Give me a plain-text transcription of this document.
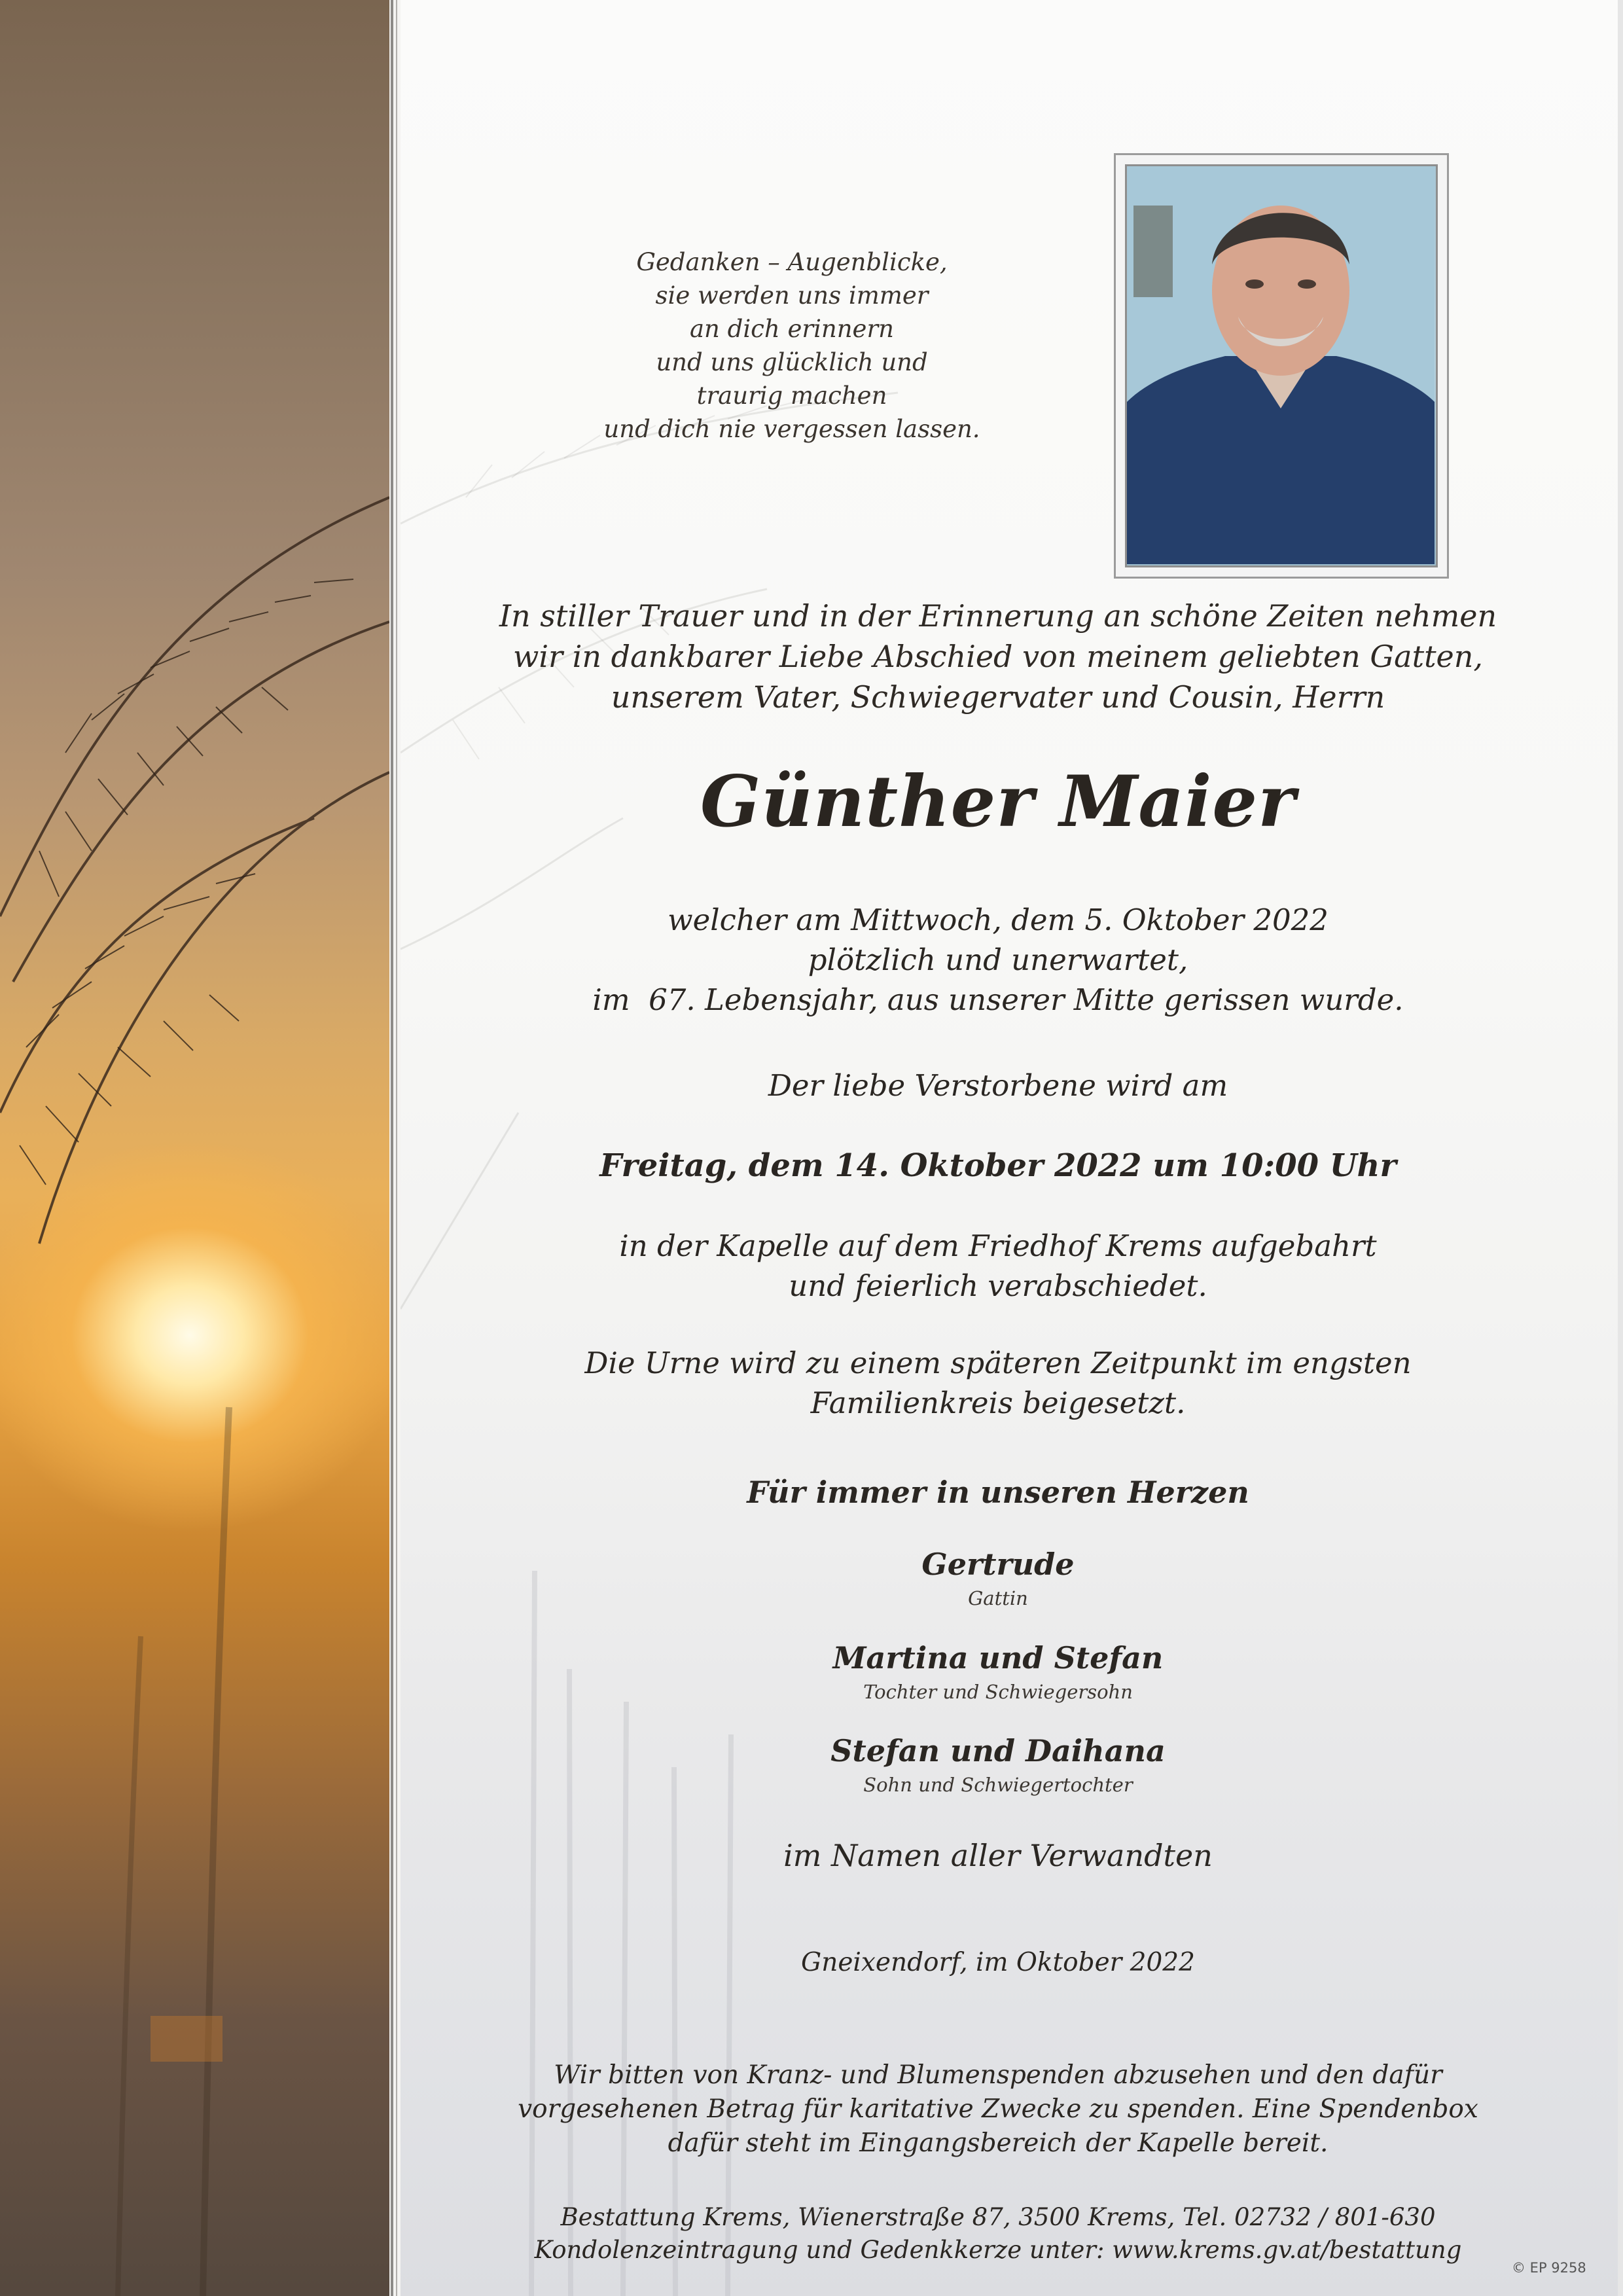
Gedanken – Augenblicke,
sie werden uns immer
an dich erinnern
und uns glücklich und
traurig machen
und dich nie vergessen lassen.
In stiller Trauer und in der Erinnerung an schöne Zeiten nehmen
wir in dankbarer Liebe Abschied von meinem geliebten Gatten,
unserem Vater, Schwiegervater und Cousin, Herrn
Günther Maier
welcher am Mittwoch, dem 5. Oktober 2022
plötzlich und unerwartet,
im  67. Lebensjahr, aus unserer Mitte gerissen wurde.
Der liebe Verstorbene wird am
Freitag, dem 14. Oktober 2022 um 10:00 Uhr
in der Kapelle auf dem Friedhof Krems aufgebahrt
und feierlich verabschiedet.
Die Urne wird zu einem späteren Zeitpunkt im engsten
Familienkreis beigesetzt.
Für immer in unseren Herzen
Gertrude
Gattin
Martina und Stefan
Tochter und Schwiegersohn
Stefan und Daihana
Sohn und Schwiegertochter
im Namen aller Verwandten
Gneixendorf, im Oktober 2022
Wir bitten von Kranz- und Blumenspenden abzusehen und den dafür
vorgesehenen Betrag für karitative Zwecke zu spenden. Eine Spendenbox
dafür steht im Eingangsbereich der Kapelle bereit.
Bestattung Krems, Wienerstraße 87, 3500 Krems, Tel. 02732 / 801-630
Kondolenzeintragung und Gedenkkerze unter: www.krems.gv.at/bestattung
© EP 9258
